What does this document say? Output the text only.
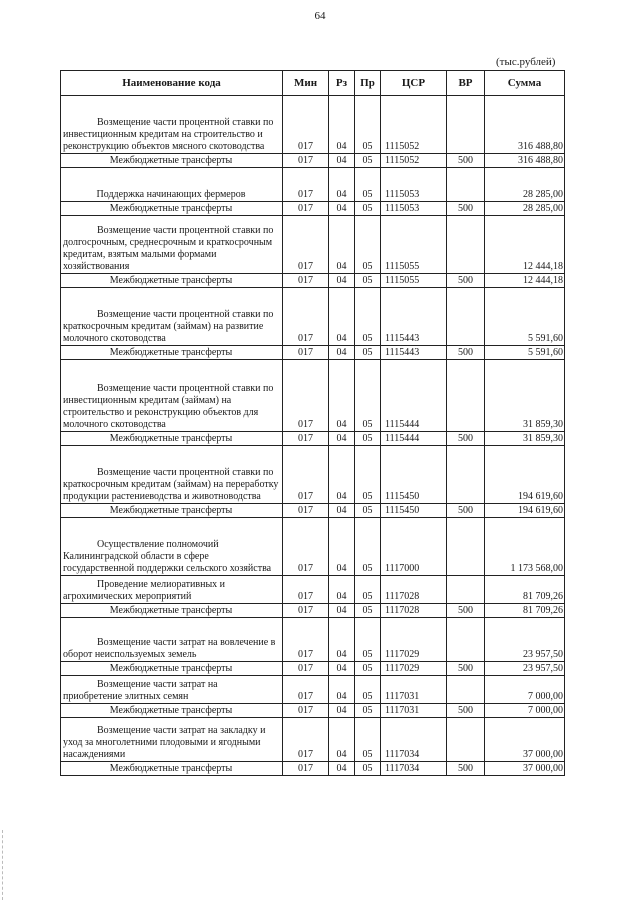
64
(тыс.рублей)
Наименование кода	Мин	Рз	Пр	ЦСР	ВР	Сумма

Возмещение части процентной ставки по инвестиционным кредитам на строительство и реконструкцию объектов мясного скотоводства	017	04	05	1115052		316 488,80
Межбюджетные трансферты	017	04	05	1115052	500	316 488,80
Поддержка начинающих фермеров	017	04	05	1115053		28 285,00
Межбюджетные трансферты	017	04	05	1115053	500	28 285,00

Возмещение части процентной ставки по долгосрочным, среднесрочным и краткосрочным кредитам, взятым малыми формами хозяйствования	017	04	05	1115055		12 444,18
Межбюджетные трансферты	017	04	05	1115055	500	12 444,18

Возмещение части процентной ставки по краткосрочным кредитам (займам) на развитие молочного скотоводства	017	04	05	1115443		5 591,60
Межбюджетные трансферты	017	04	05	1115443	500	5 591,60

Возмещение части процентной ставки по инвестиционным кредитам (займам) на строительство и реконструкцию объектов для молочного скотоводства	017	04	05	1115444		31 859,30
Межбюджетные трансферты	017	04	05	1115444	500	31 859,30

Возмещение части процентной ставки по краткосрочным кредитам (займам) на переработку продукции растениеводства и животноводства	017	04	05	1115450		194 619,60
Межбюджетные трансферты	017	04	05	1115450	500	194 619,60

Осуществление полномочий Калининградской области в сфере государственной поддержки сельского хозяйства	017	04	05	1117000		1 173 568,00

Проведение мелиоративных и агрохимических мероприятий	017	04	05	1117028		81 709,26
Межбюджетные трансферты	017	04	05	1117028	500	81 709,26

Возмещение части затрат на вовлечение в оборот неиспользуемых земель	017	04	05	1117029		23 957,50
Межбюджетные трансферты	017	04	05	1117029	500	23 957,50

Возмещение части затрат на приобретение элитных семян	017	04	05	1117031		7 000,00
Межбюджетные трансферты	017	04	05	1117031	500	7 000,00

Возмещение части затрат на закладку и уход за многолетними плодовыми и ягодными насаждениями	017	04	05	1117034		37 000,00
Межбюджетные трансферты	017	04	05	1117034	500	37 000,00
